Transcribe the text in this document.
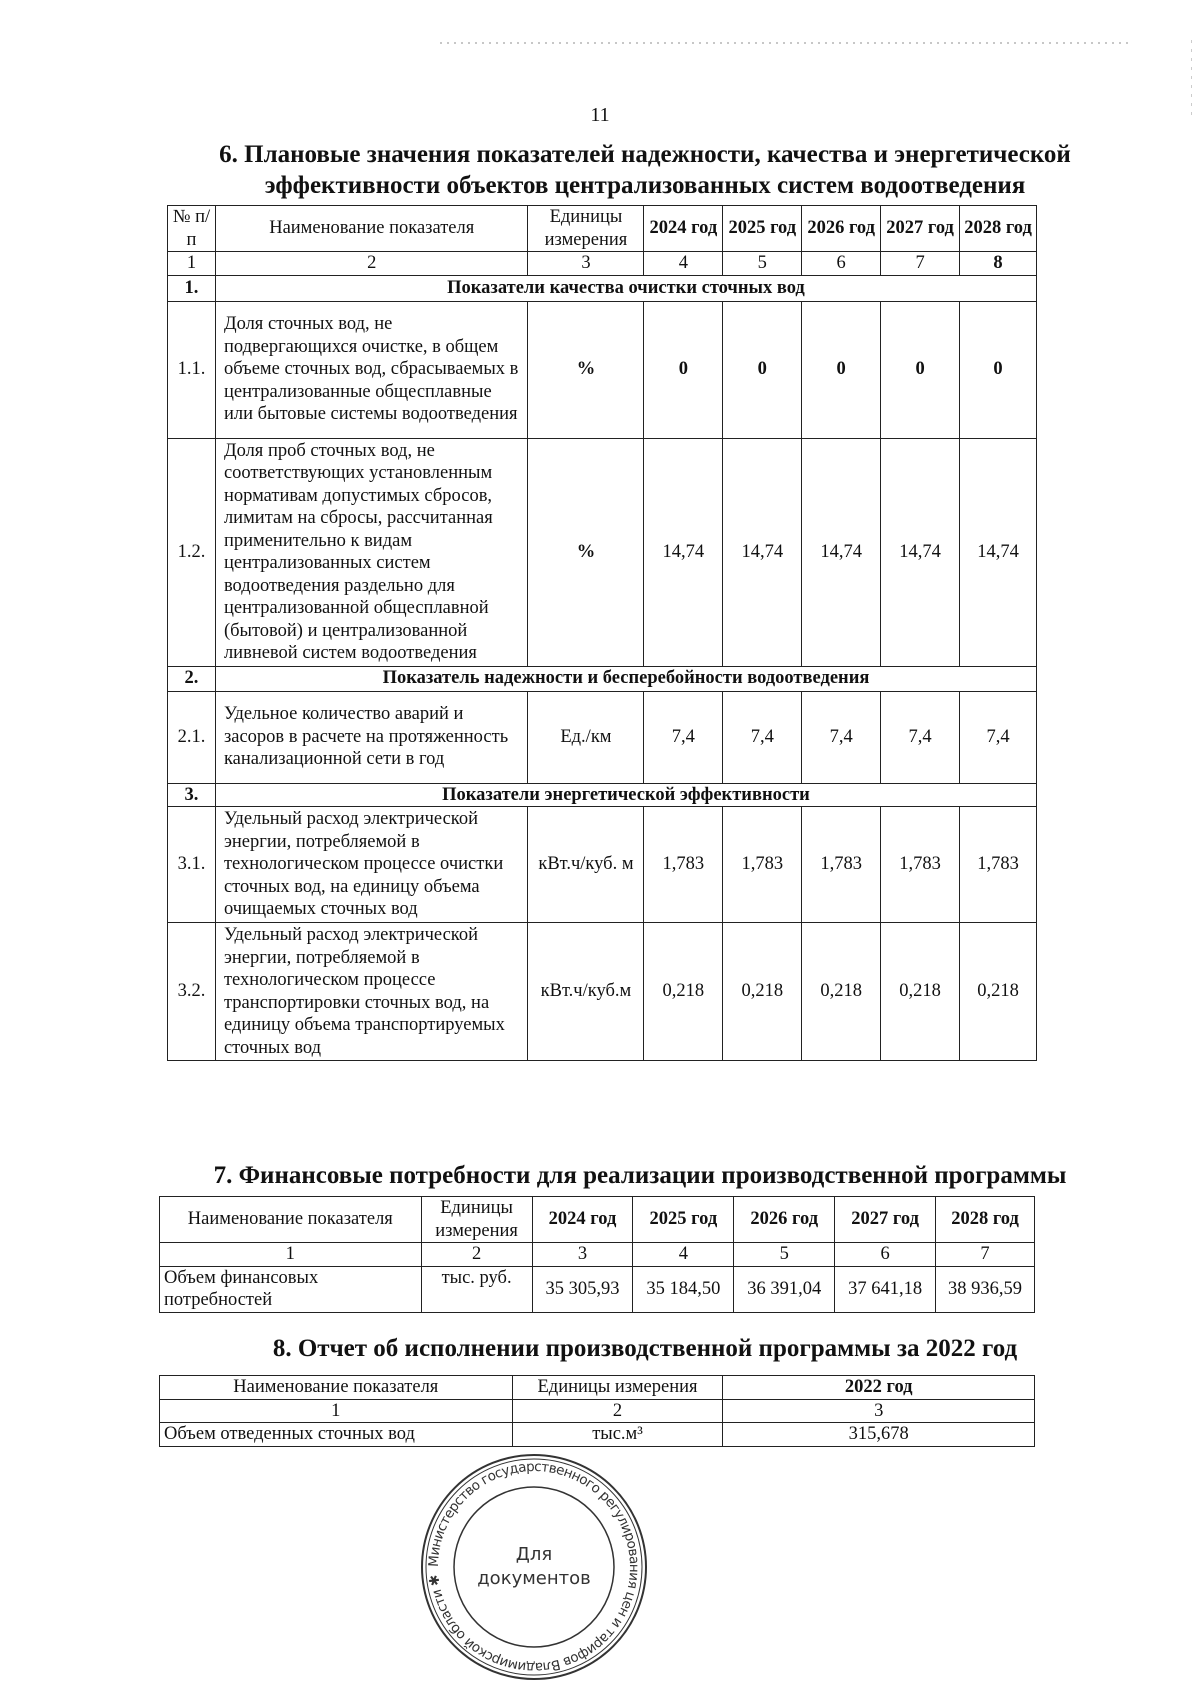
11
6. Плановые значения показателей надежности, качества и энергетической
эффективности объектов централизованных систем водоотведения
№ п/п	Наименование показателя	Единицы измерения	2024 год	2025 год	2026 год	2027 год	2028 год
1	2	3	4	5	6	7	8
1.	Показатели качества очистки сточных вод						
1.1.	Доля сточных вод, не подвергающихся очистке, в общем объеме сточных вод, сбрасываемых в централизованные общесплавные или бытовые системы водоотведения	%	0	0	0	0	0
1.2.	Доля проб сточных вод, не соответствующих установленным нормативам допустимых сбросов, лимитам на сбросы, рассчитанная применительно к видам централизованных систем водоотведения раздельно для централизованной общесплавной (бытовой) и централизованной ливневой систем водоотведения	%	14,74	14,74	14,74	14,74	14,74
2.	Показатель надежности и бесперебойности водоотведения						
2.1.	Удельное количество аварий и засоров в расчете на протяженность канализационной сети в год	Ед./км	7,4	7,4	7,4	7,4	7,4
3.	Показатели энергетической эффективности						
3.1.	Удельный расход электрической энергии, потребляемой в технологическом процессе очистки сточных вод, на единицу объема очищаемых сточных вод	кВт.ч/куб. м	1,783	1,783	1,783	1,783	1,783
3.2.	Удельный расход электрической энергии, потребляемой в технологическом процессе транспортировки сточных вод, на единицу объема транспортируемых сточных вод	кВт.ч/куб.м	0,218	0,218	0,218	0,218	0,218
7. Финансовые потребности для реализации производственной программы
Наименование показателя	Единицы измерения	2024 год	2025 год	2026 год	2027 год	2028 год
1	2	3	4	5	6	7
Объем финансовых потребностей	тыс. руб.	35 305,93	35 184,50	36 391,04	37 641,18	38 936,59
8. Отчет об исполнении производственной программы за 2022 год
Наименование показателя	Единицы измерения	2022 год
1	2	3
Объем отведенных сточных вод	тыс.м³	315,678
Министерство государственного регулирования цен и тарифов Владимирской области ✱
Для
документов
